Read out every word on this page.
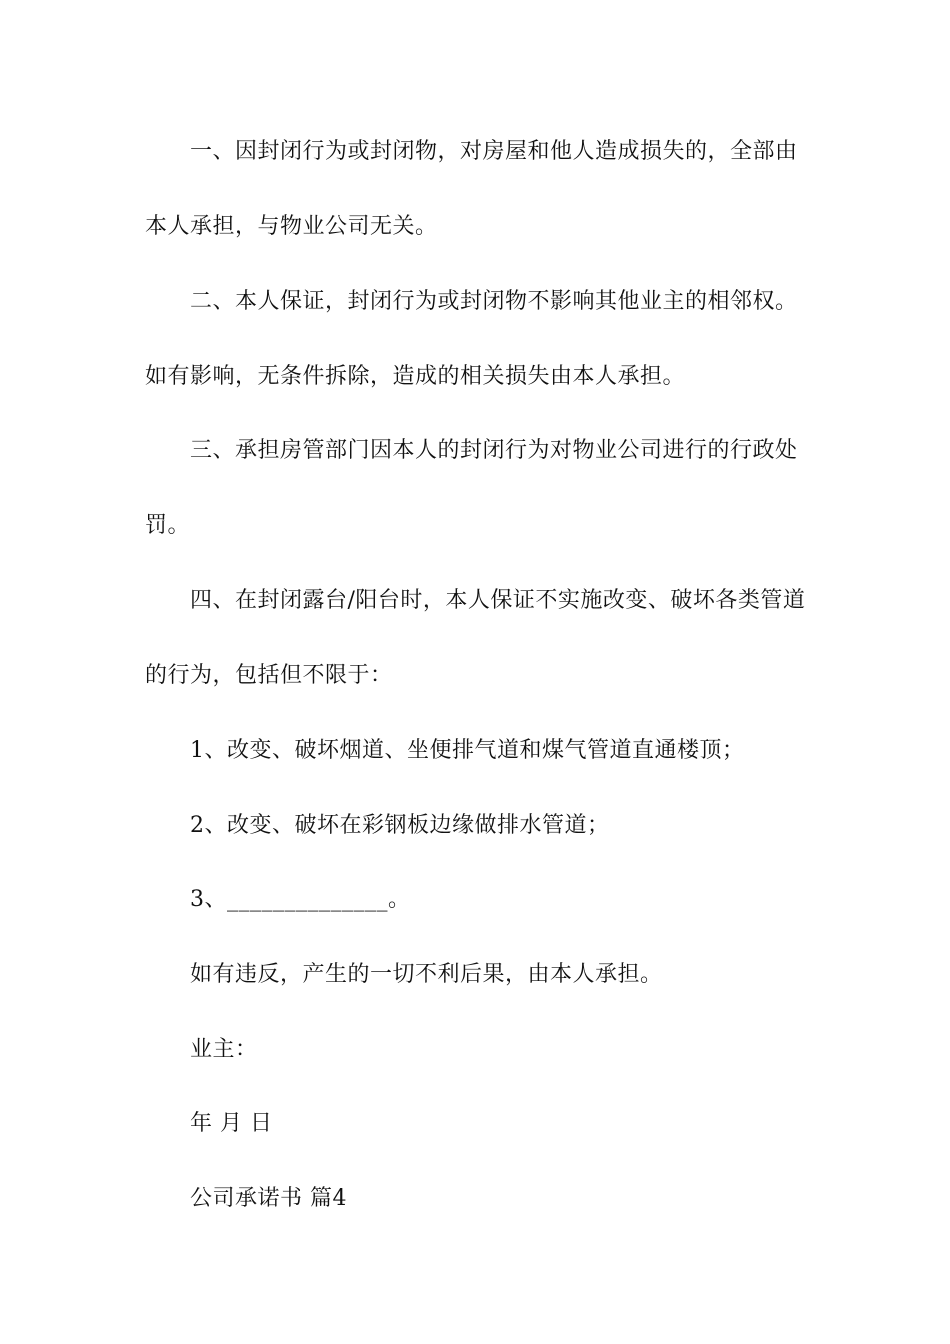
一、因封闭行为或封闭物，对房屋和他人造成损失的，全部由
本人承担，与物业公司无关。
二、本人保证，封闭行为或封闭物不影响其他业主的相邻权。
如有影响，无条件拆除，造成的相关损失由本人承担。
三、承担房管部门因本人的封闭行为对物业公司进行的行政处
罚。
四、在封闭露台/阳台时，本人保证不实施改变、破坏各类管道
的行为，包括但不限于：
1、改变、破坏烟道、坐便排气道和煤气管道直通楼顶；
2、改变、破坏在彩钢板边缘做排水管道；
3、______________。
如有违反，产生的一切不利后果，由本人承担。
业主：
年 月 日
公司承诺书 篇4
